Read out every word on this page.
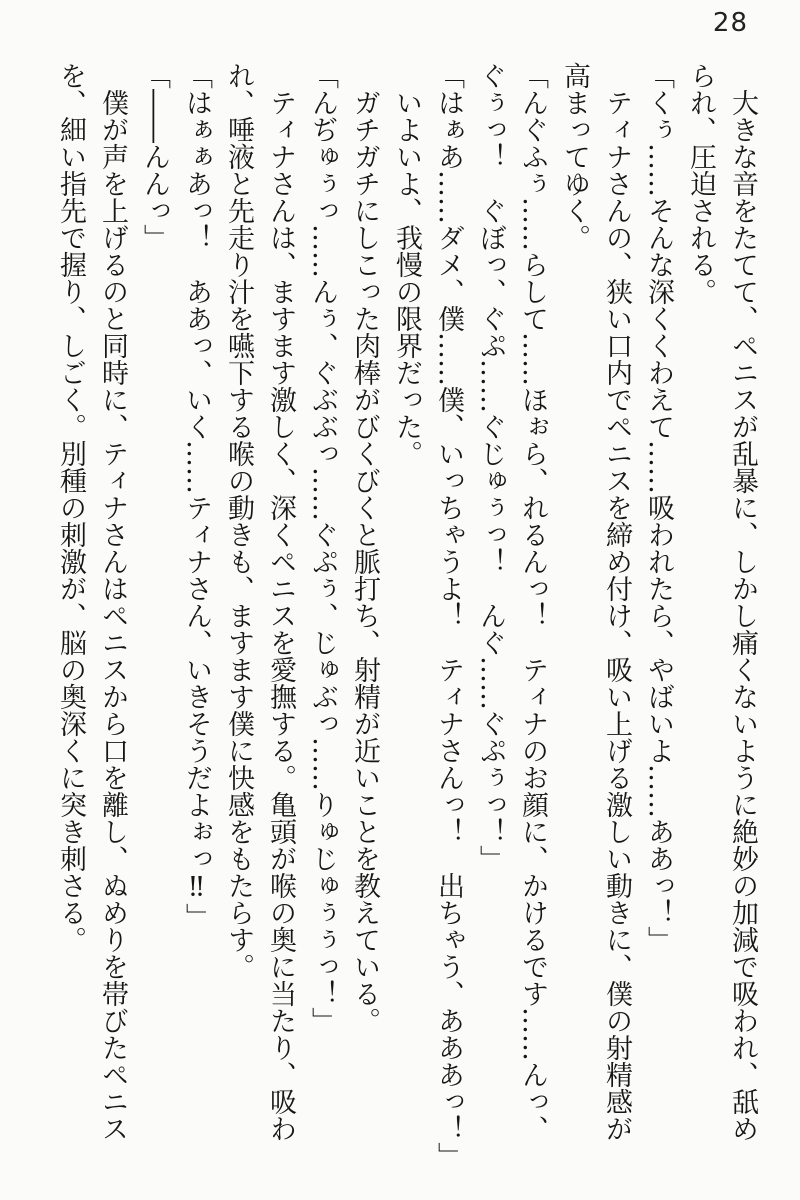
28
　大きな音をたてて、ペニスが乱暴に、しかし痛くないように絶妙の加減で吸われ、舐め
られ、圧迫される。
「くぅ……そんな深くくわえて……吸われたら、やばいよ……ああっ！」
　ティナさんの、狭い口内でペニスを締め付け、吸い上げる激しい動きに、僕の射精感が
高まってゆく。
「んぐふぅ……らして……ほぉら、れるんっ！　ティナのお顔に、かけるです……んっ、
ぐぅっ！　ぐぼっ、ぐぷ……ぐじゅぅっ！　んぐ……ぐぷぅっ！」
「はぁあ……ダメ、僕……僕、いっちゃうよ！　ティナさんっ！　出ちゃう、あああっ！」
　いよいよ、我慢の限界だった。
　ガチガチにしこった肉棒がびくびくと脈打ち、射精が近いことを教えている。
「んぢゅぅっ……んぅ、ぐぶぶっ……ぐぷぅ、じゅぶっ……りゅじゅぅぅっ！」
　ティナさんは、ますます激しく、深くペニスを愛撫する。亀頭が喉の奥に当たり、吸わ
れ、唾液と先走り汁を嚥下する喉の動きも、ますます僕に快感をもたらす。
「はぁぁあっ！　ああっ、いく……ティナさん、いきそうだよぉっ‼」
「――んんっ」
　僕が声を上げるのと同時に、ティナさんはペニスから口を離し、ぬめりを帯びたペニス
を、細い指先で握り、しごく。別種の刺激が、脳の奥深くに突き刺さる。
